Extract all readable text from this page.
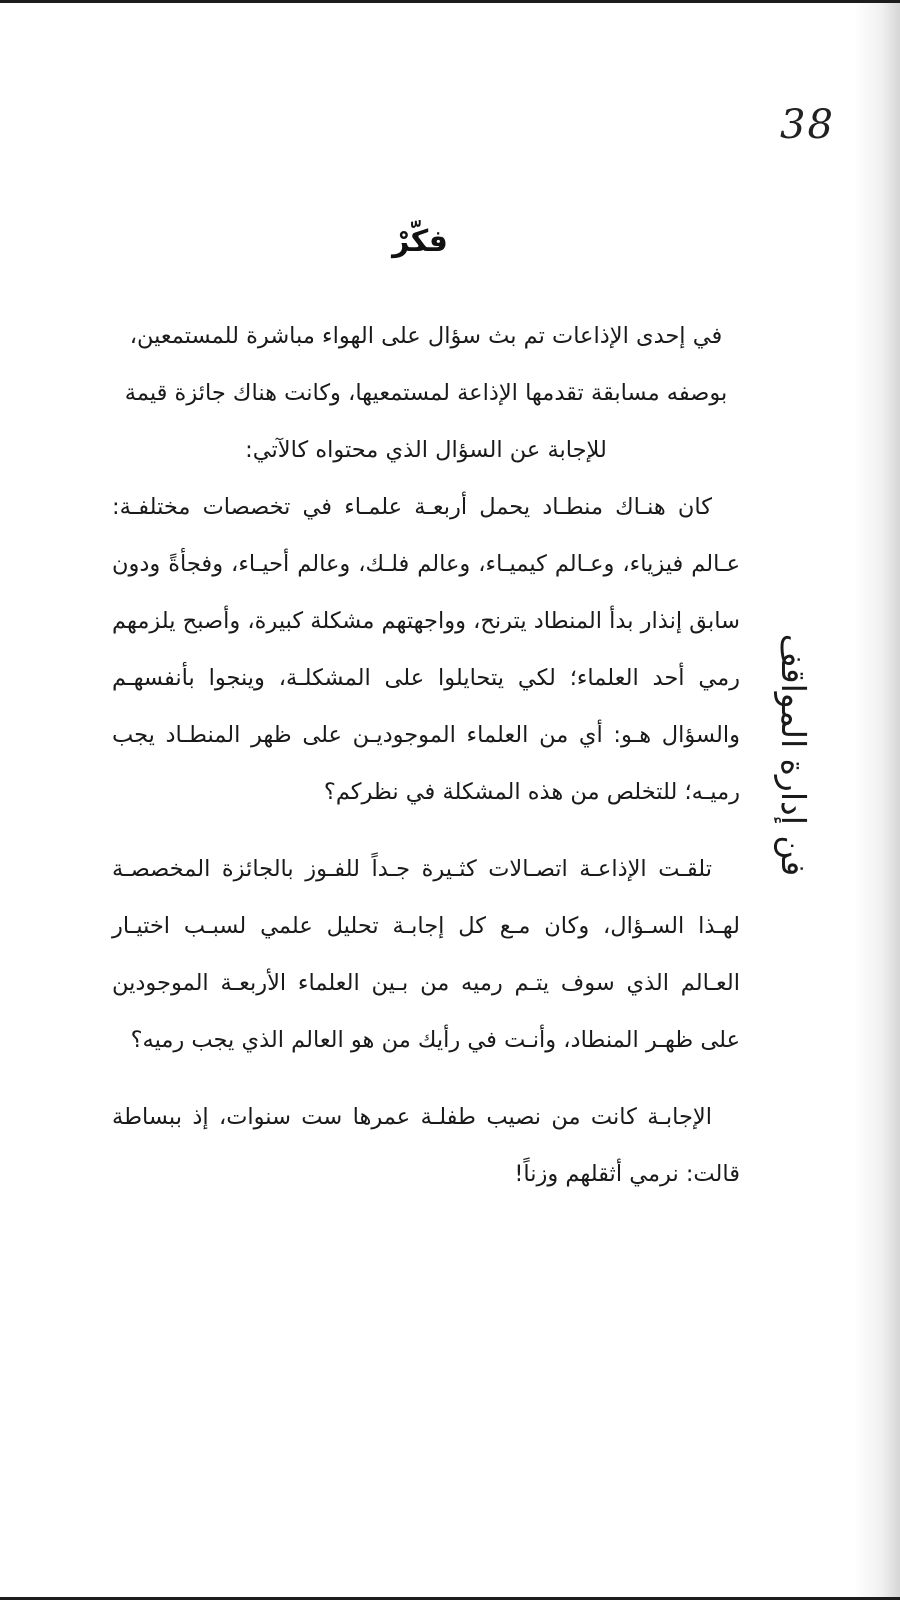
38
فكّرْ
فن إدارة المواقف

في إحدى الإذاعات تم بث سؤال على الهواء مباشرة للمستمعين، بوصفه مسابقة تقدمها الإذاعة لمستمعيها، وكانت هناك جائزة قيمة للإجابة عن السؤال الذي محتواه كالآتي:

كان هنـاك منطـاد يحمل أربعـة علمـاء في تخصصات مختلفـة: عـالم فيزياء، وعـالم كيميـاء، وعالم فلـك، وعالم أحيـاء، وفجأةً ودون سابق إنذار بدأ المنطاد يترنح، وواجهتهم مشكلة كبيرة، وأصبح يلزمهم رمي أحد العلماء؛ لكي يتحايلوا على المشكلـة، وينجوا بأنفسهـم والسؤال هـو: أي من العلماء الموجوديـن على ظهر المنطـاد يجب رميـه؛ للتخلص من هذه المشكلة في نظركم؟

تلقـت الإذاعـة اتصـالات كثـيرة جـداً للفـوز بالجائزة المخصصـة لهـذا السـؤال، وكان مـع كل إجابـة تحليل علمي لسبـب اختيـار العـالم الذي سوف يتـم رميه من بـين العلماء الأربعـة الموجودين على ظهـر المنطاد، وأنـت في رأيك من هو العالم الذي يجب رميه؟

الإجابـة كانت من نصيب طفلـة عمرها ست سنوات، إذ ببساطة قالت: نرمي أثقلهم وزناً!
